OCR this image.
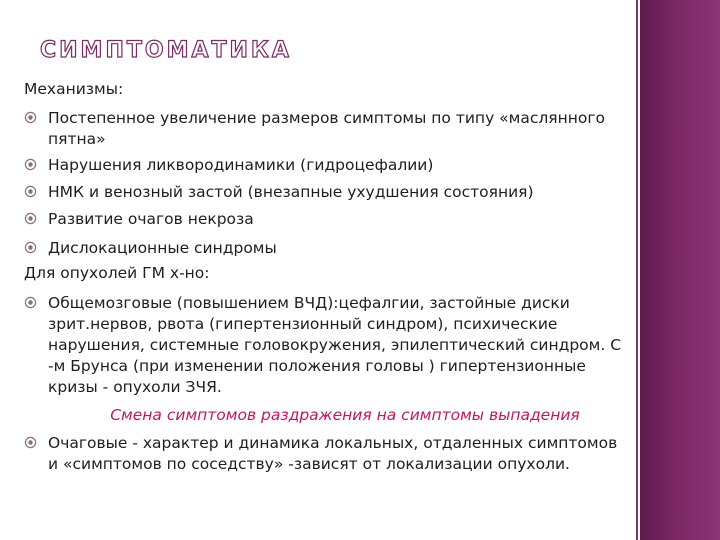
СИМПТОМАТИКА
Механизмы:
Постепенное увеличение размеров симптомы по типу «маслянного пятна»
Нарушения ликвородинамики (гидроцефалии)
НМК и венозный застой (внезапные ухудшения состояния)
Развитие очагов некроза
Дислокационные синдромы
Для опухолей ГМ х-но:
Общемозговые (повышением ВЧД):цефалгии, застойные диски зрит.нервов, рвота (гипертензионный синдром), психические нарушения, системные головокружения, эпилептический синдром. С -м Брунса (при изменении положения головы ) гипертензионные кризы - опухоли ЗЧЯ.
Смена симптомов раздражения на симптомы выпадения
Очаговые - характер и динамика локальных, отдаленных симптомов и «симптомов по соседству» -зависят от локализации опухоли.
